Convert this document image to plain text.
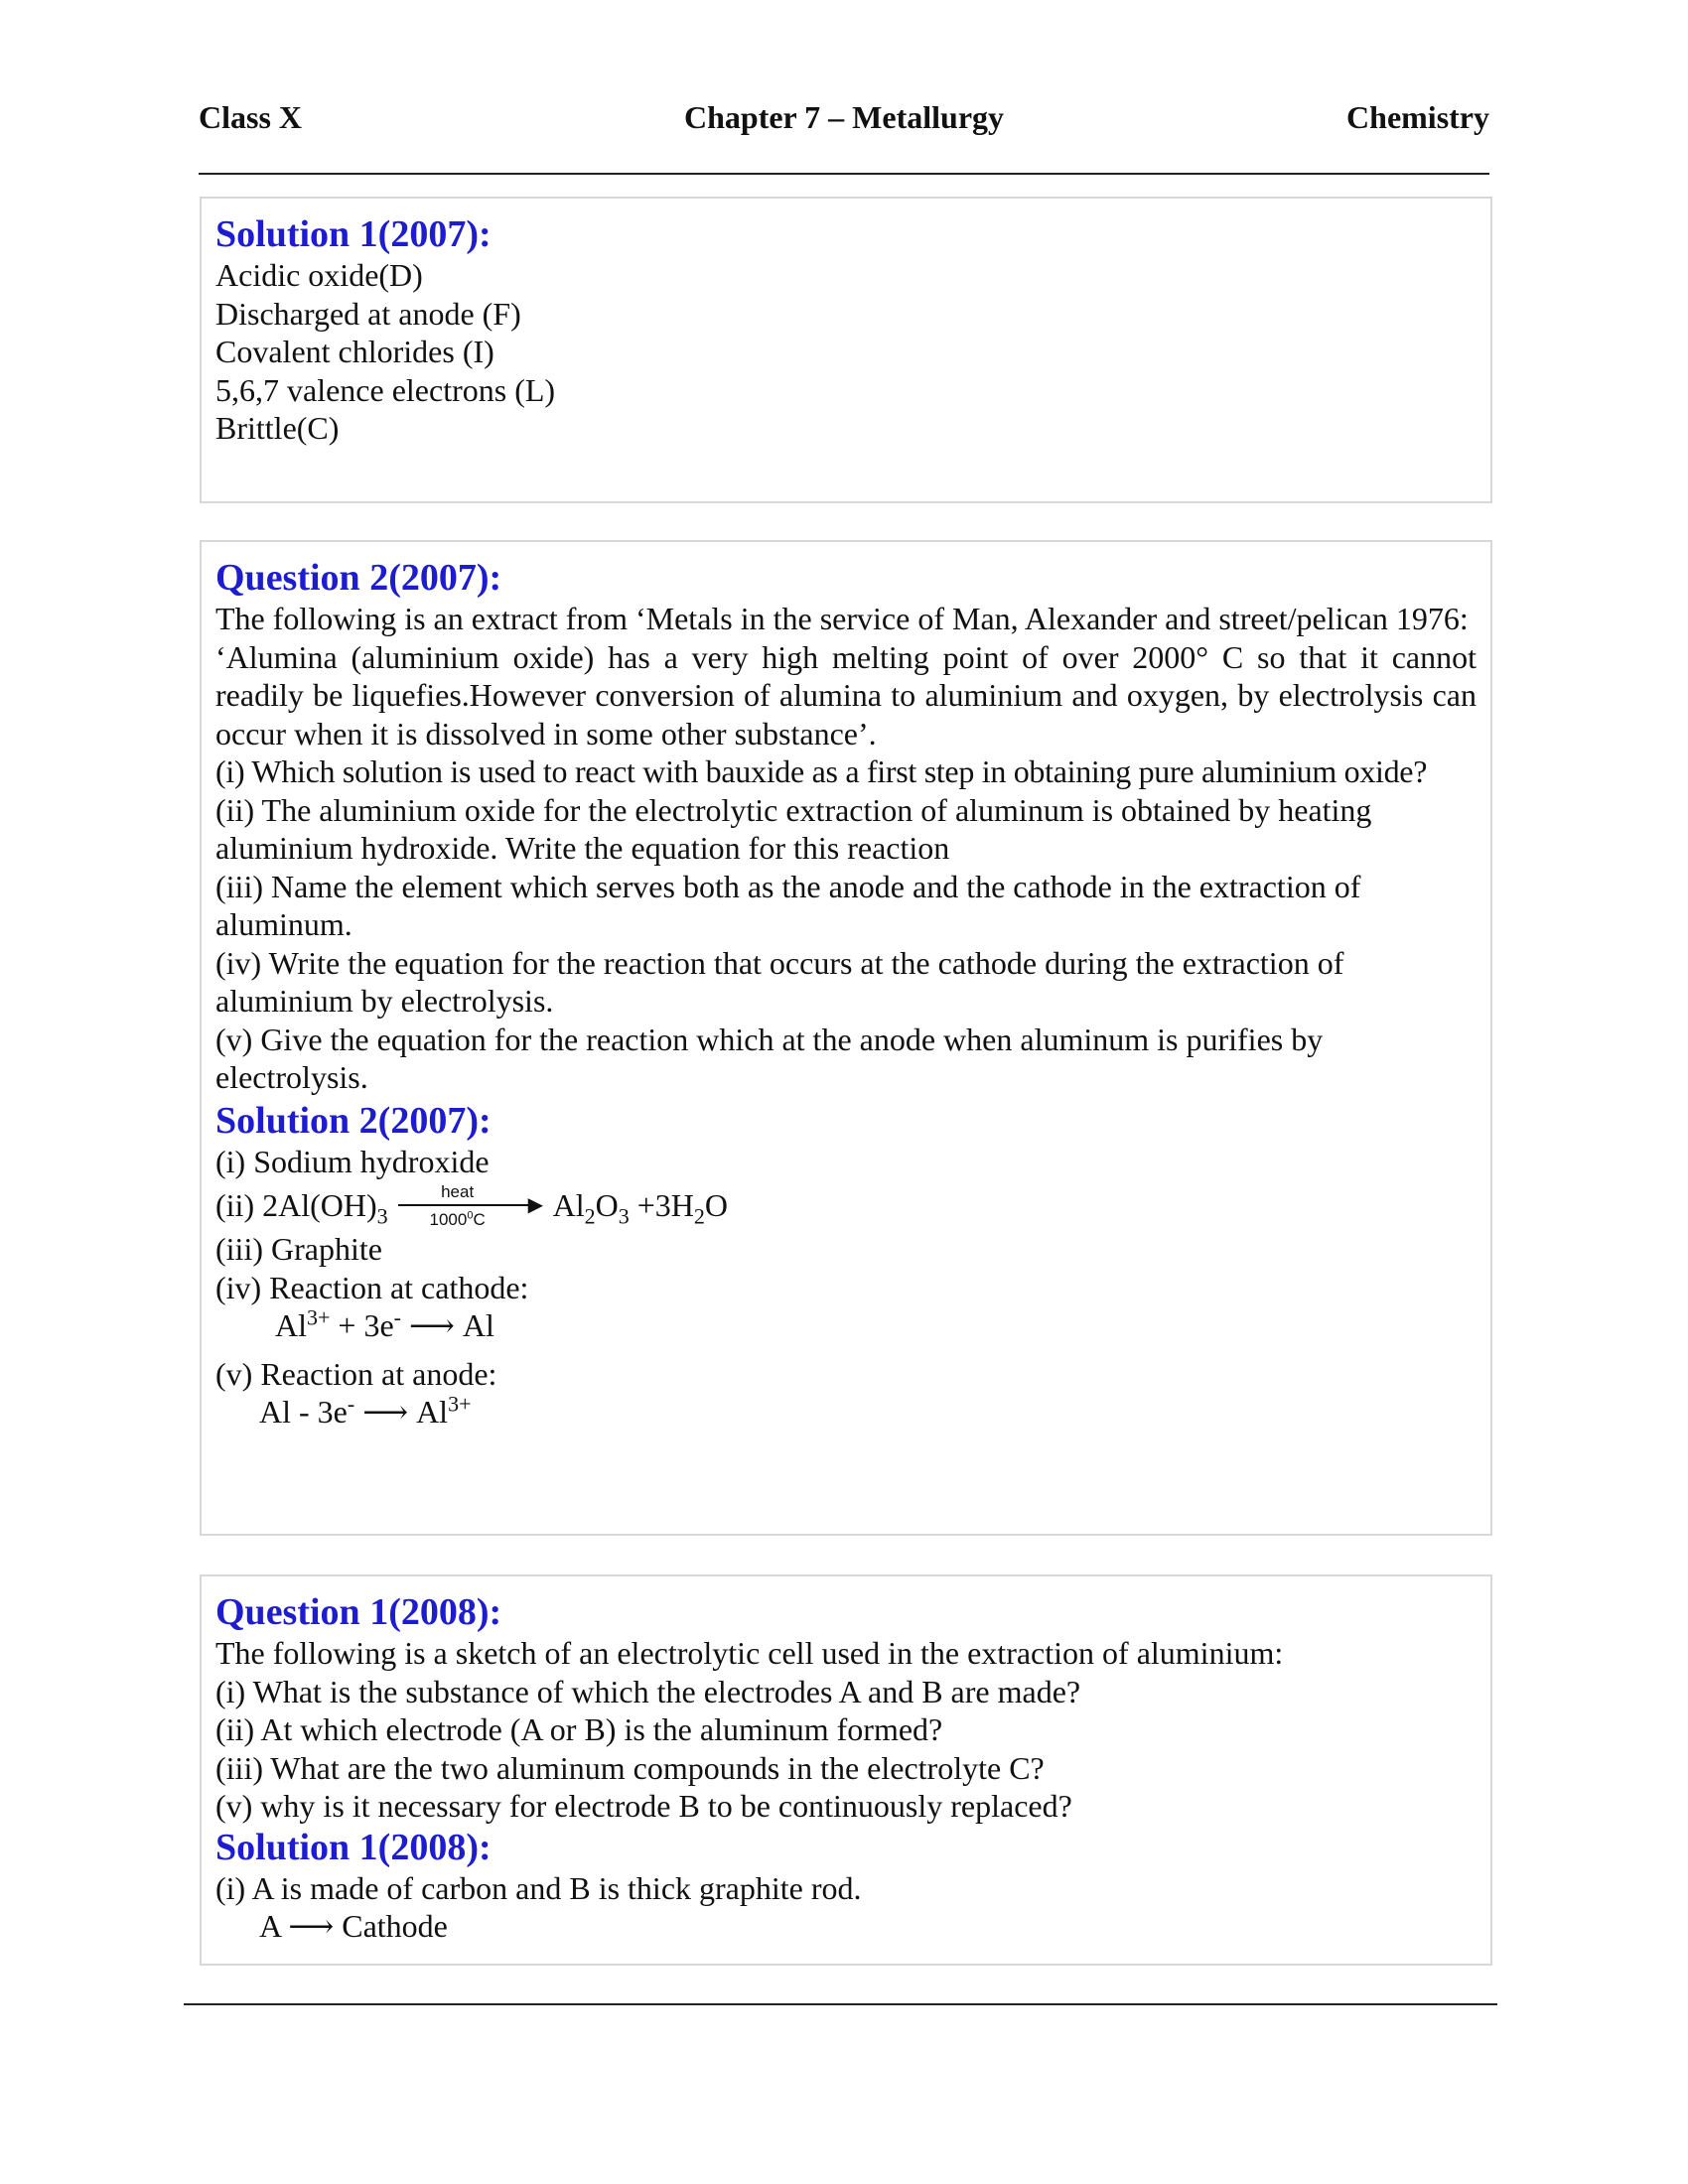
Class X	Chapter 7 – Metallurgy	Chemistry
Solution 1(2007):
Acidic oxide(D)
Discharged at anode (F)
Covalent chlorides (I)
5,6,7 valence electrons (L)
Brittle(C)
Question 2(2007):
The following is an extract from ‘Metals in the service of Man, Alexander and street/pelican 1976:
‘Alumina (aluminium oxide) has a very high melting point of over 2000° C so that it cannot readily be liquefies.However conversion of alumina to aluminium and oxygen, by electrolysis can occur when it is dissolved in some other substance’.
(i) Which solution is used to react with bauxide as a first step in obtaining pure aluminium oxide?
(ii) The aluminium oxide for the electrolytic extraction of aluminum is obtained by heating aluminium hydroxide. Write the equation for this reaction
(iii) Name the element which serves both as the anode and the cathode in the extraction of aluminum.
(iv) Write the equation for the reaction that occurs at the cathode during the extraction of aluminium by electrolysis.
(v) Give the equation for the reaction which at the anode when aluminum is purifies by electrolysis.
Solution 2(2007):
(i) Sodium hydroxide
(ii) $2Al(OH)_3$
heat
▶
1000$^0$C	$Al_2O_3 +3H_2O$
(iii) Graphite
(iv) Reaction at cathode:
$Al^{3+} + 3e^-$ ⟶ Al
(v) Reaction at anode:
Al - 3e- ⟶ $Al^{3+}$
Question 1(2008):
The following is a sketch of an electrolytic cell used in the extraction of aluminium:
(i) What is the substance of which the electrodes A and B are made?
(ii) At which electrode (A or B) is the aluminum formed?
(iii) What are the two aluminum compounds in the electrolyte C?
(v) why is it necessary for electrode B to be continuously replaced?
Solution 1(2008):
(i) A is made of carbon and B is thick graphite rod.
A ⟶ Cathode
